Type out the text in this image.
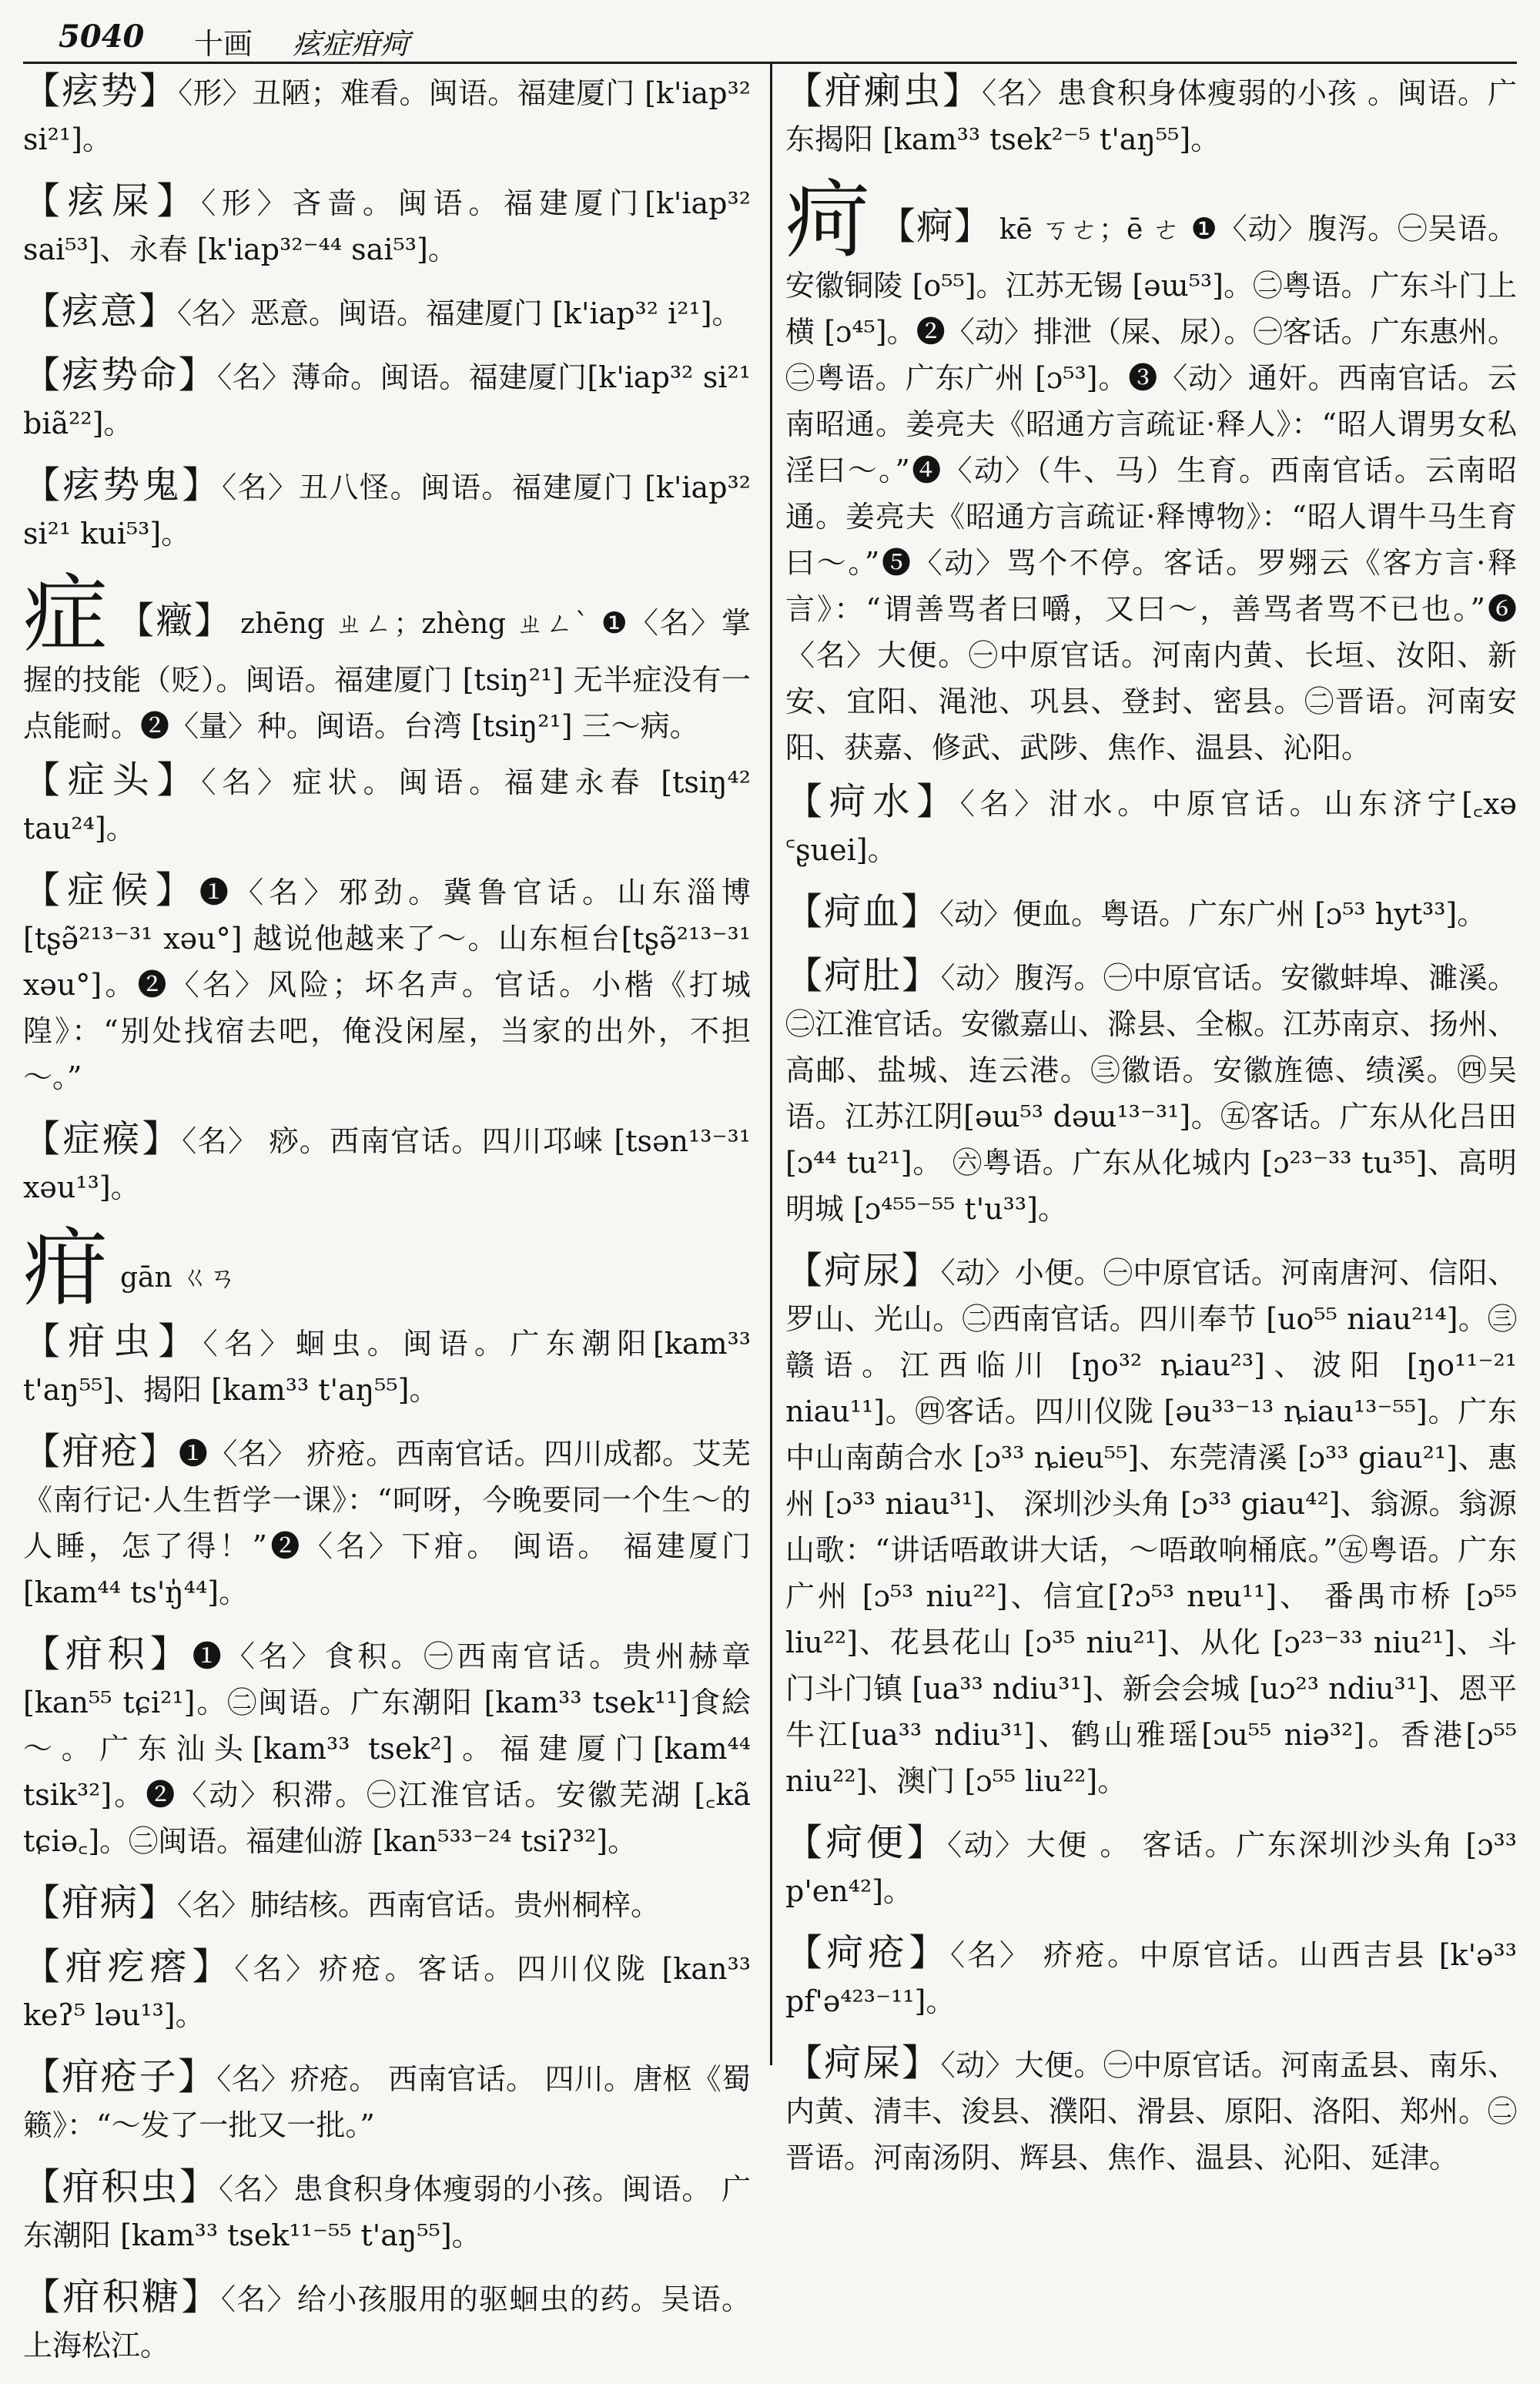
5040 十画 痃症疳疴
【痃势】〈形〉丑陋；难看。闽语。福建厦门 [k'iap³² si²¹]。
【痃屎】〈形〉吝啬。闽语。福建厦门[k'iap³² sai⁵³]、永春 [k'iap³²⁻⁴⁴ sai⁵³]。
【痃意】〈名〉恶意。闽语。福建厦门 [k'iap³² i²¹]。
【痃势命】〈名〉薄命。闽语。福建厦门[k'iap³² si²¹ biã²²]。
【痃势鬼】〈名〉丑八怪。闽语。福建厦门 [k'iap³² si²¹ kui⁵³]。
症 【癥】 zhēng ㄓㄥ；zhèng ㄓㄥˋ ❶〈名〉掌握的技能（贬）。闽语。福建厦门 [tsiŋ²¹] 无半症没有一点能耐。❷〈量〉种。闽语。台湾 [tsiŋ²¹] 三～病。
【症头】〈名〉症状。闽语。福建永春 [tsiŋ⁴² tau²⁴]。
【症候】❶〈名〉邪劲。冀鲁官话。山东淄博[tʂə̃²¹³⁻³¹ xəu°] 越说他越来了～。山东桓台[tʂə̃²¹³⁻³¹ xəu°]。❷〈名〉风险；坏名声。官话。小楷《打城隍》：“别处找宿去吧，俺没闲屋，当家的出外，不担～。”
【症瘊】〈名〉 痧。西南官话。四川邛崃 [tsən¹³⁻³¹ xəu¹³]。
疳gān ㄍㄢ
【疳虫】〈名〉蛔虫。闽语。广东潮阳[kam³³ t'aŋ⁵⁵]、揭阳 [kam³³ t'aŋ⁵⁵]。
【疳疮】❶〈名〉 疥疮。西南官话。四川成都。艾芜《南行记·人生哲学一课》：“呵呀，今晚要同一个生～的人睡，怎了得！”❷〈名〉下疳。 闽语。 福建厦门 [kam⁴⁴ ts'ŋ̍⁴⁴]。
【疳积】❶〈名〉食积。㊀西南官话。贵州赫章[kan⁵⁵ tɕi²¹]。㊁闽语。广东潮阳 [kam³³ tsek¹¹]食絵～。广东汕头[kam³³ tsek²]。福建厦门[kam⁴⁴ tsik³²]。❷〈动〉积滞。㊀江淮官话。安徽芜湖 [꜀kã tɕiə꜀]。㊁闽语。福建仙游 [kan⁵³³⁻²⁴ tsiʔ³²]。
【疳病】〈名〉肺结核。西南官话。贵州桐梓。
【疳疙瘩】〈名〉疥疮。客话。四川仪陇 [kan³³ keʔ⁵ ləu¹³]。
【疳疮子】〈名〉疥疮。 西南官话。 四川。唐枢《蜀籁》：“～发了一批又一批。”
【疳积虫】〈名〉患食积身体瘦弱的小孩。闽语。 广东潮阳 [kam³³ tsek¹¹⁻⁵⁵ t'aŋ⁵⁵]。
【疳积糖】〈名〉给小孩服用的驱蛔虫的药。吴语。上海松江。
【疳瘌虫】〈名〉患食积身体瘦弱的小孩 。闽语。广东揭阳 [kam³³ tsek²⁻⁵ t'aŋ⁵⁵]。
疴 【痾】 kē ㄎㄜ；ē ㄜ ❶〈动〉腹泻。㊀吴语。安徽铜陵 [o⁵⁵]。江苏无锡 [əɯ⁵³]。㊁粤语。广东斗门上横 [ɔ⁴⁵]。❷〈动〉排泄（屎、尿）。㊀客话。广东惠州。㊁粤语。广东广州 [ɔ⁵³]。❸〈动〉通奸。西南官话。云南昭通。姜亮夫《昭通方言疏证·释人》：“昭人谓男女私淫曰～。”❹〈动〉（牛、马）生育。西南官话。云南昭通。姜亮夫《昭通方言疏证·释博物》：“昭人谓牛马生育曰～。”❺〈动〉骂个不停。客话。罗翙云《客方言·释言》：“谓善骂者曰嚼，又曰～，善骂者骂不已也。”❻〈名〉大便。㊀中原官话。河南内黄、长垣、汝阳、新安、宜阳、渑池、巩县、登封、密县。㊁晋语。河南安阳、获嘉、修武、武陟、焦作、温县、沁阳。
【疴水】〈名〉泔水。中原官话。山东济宁[꜀xə ꜂ʂuei]。
【疴血】〈动〉便血。粤语。广东广州 [ɔ⁵³ hyt³³]。
【疴肚】〈动〉腹泻。㊀中原官话。安徽蚌埠、濉溪。㊁江淮官话。安徽嘉山、滁县、全椒。江苏南京、扬州、高邮、盐城、连云港。㊂徽语。安徽旌德、绩溪。㊃吴语。江苏江阴[əɯ⁵³ dəɯ¹³⁻³¹]。㊄客话。广东从化吕田 [ɔ⁴⁴ tu²¹]。 ㊅粤语。广东从化城内 [ɔ²³⁻³³ tu³⁵]、高明明城 [ɔ⁴⁵⁵⁻⁵⁵ t'u³³]。
【疴尿】〈动〉小便。㊀中原官话。河南唐河、信阳、罗山、光山。㊁西南官话。四川奉节 [uo⁵⁵ niau²¹⁴]。㊂赣语。江西临川 [ŋo³² ȵiau²³]、波阳 [ŋo¹¹⁻²¹ niau¹¹]。㊃客话。四川仪陇 [əu³³⁻¹³ ȵiau¹³⁻⁵⁵]。广东中山南蓢合水 [ɔ³³ ȵieu⁵⁵]、东莞清溪 [ɔ³³ giau²¹]、惠州 [ɔ³³ niau³¹]、 深圳沙头角 [ɔ³³ giau⁴²]、翁源。翁源山歌：“讲话唔敢讲大话，～唔敢响桶底。”㊄粤语。广东广州 [ɔ⁵³ niu²²]、信宜[ʔɔ⁵³ nɐu¹¹]、 番禺市桥 [ɔ⁵⁵ liu²²]、花县花山 [ɔ³⁵ niu²¹]、从化 [ɔ²³⁻³³ niu²¹]、斗门斗门镇 [ua³³ ndiu³¹]、新会会城 [uɔ²³ ndiu³¹]、恩平牛江[ua³³ ndiu³¹]、鹤山雅瑶[ɔu⁵⁵ niə³²]。香港[ɔ⁵⁵ niu²²]、澳门 [ɔ⁵⁵ liu²²]。
【疴便】〈动〉大便 。 客话。广东深圳沙头角 [ɔ³³ p'en⁴²]。
【疴疮】〈名〉 疥疮。中原官话。山西吉县 [k'ə³³ pf'ə⁴²³⁻¹¹]。
【疴屎】〈动〉大便。㊀中原官话。河南孟县、南乐、内黄、清丰、浚县、濮阳、滑县、原阳、洛阳、郑州。㊁晋语。河南汤阴、辉县、焦作、温县、沁阳、延津。
